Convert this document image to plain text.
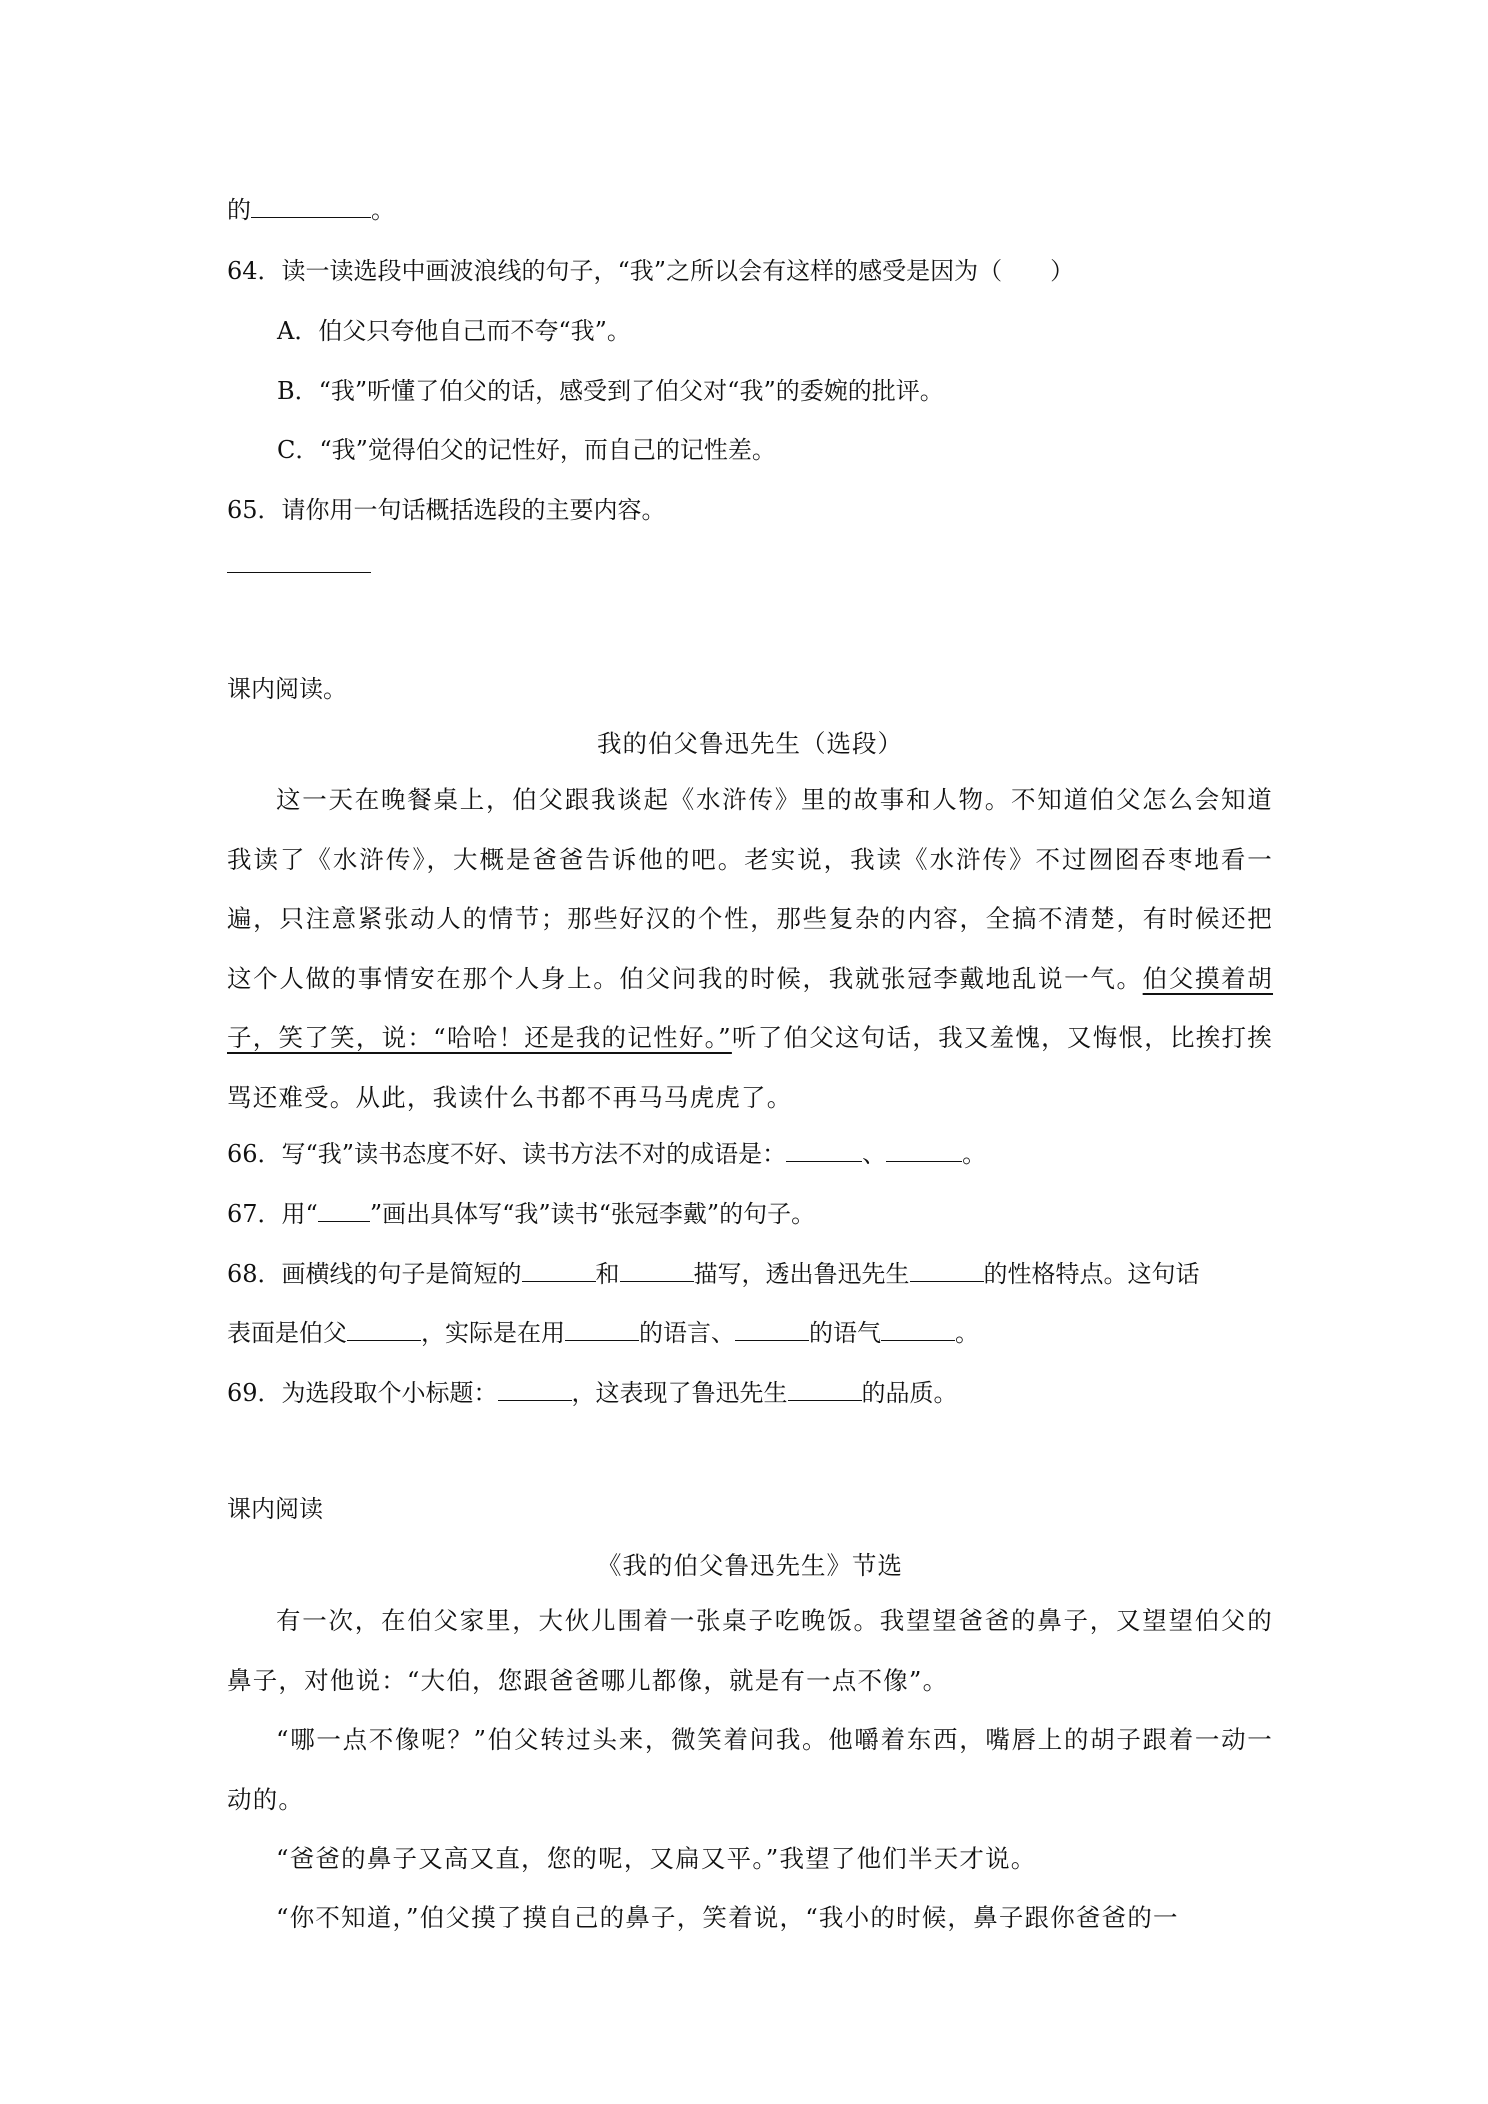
的	。
64．读一读选段中画波浪线的句子，“我”之所以会有这样的感受是因为（　　）
A．伯父只夸他自己而不夸“我”。
B．“我”听懂了伯父的话，感受到了伯父对“我”的委婉的批评。
C．“我”觉得伯父的记性好，而自己的记性差。
65．请你用一句话概括选段的主要内容。
课内阅读。
我的伯父鲁迅先生（选段）
这一天在晚餐桌上，伯父跟我谈起《水浒传》里的故事和人物。不知道伯父怎么会知道我读了《水浒传》，大概是爸爸告诉他的吧。老实说，我读《水浒传》不过囫囵吞枣地看一遍，只注意紧张动人的情节；那些好汉的个性，那些复杂的内容，全搞不清楚，有时候还把这个人做的事情安在那个人身上。伯父问我的时候，我就张冠李戴地乱说一气。伯父摸着胡子，笑了笑，说：“哈哈！还是我的记性好。”听了伯父这句话，我又羞愧，又悔恨，比挨打挨骂还难受。从此，我读什么书都不再马马虎虎了。
66．写“我”读书态度不好、读书方法不对的成语是：	、	。
67．用“ ”画出具体写“我”读书“张冠李戴”的句子。
68．画横线的句子是简短的	和	描写，透出鲁迅先生	的性格特点。这句话
表面是伯父	，实际是在用	的语言、	的语气	。
69．为选段取个小标题：	，这表现了鲁迅先生	的品质。
课内阅读
《我的伯父鲁迅先生》节选
有一次，在伯父家里，大伙儿围着一张桌子吃晚饭。我望望爸爸的鼻子，又望望伯父的鼻子，对他说：“大伯，您跟爸爸哪儿都像，就是有一点不像”。
“哪一点不像呢？”伯父转过头来，微笑着问我。他嚼着东西，嘴唇上的胡子跟着一动一动的。
“爸爸的鼻子又高又直，您的呢，又扁又平。”我望了他们半天才说。
“你不知道，”伯父摸了摸自己的鼻子，笑着说，“我小的时候，鼻子跟你爸爸的一
